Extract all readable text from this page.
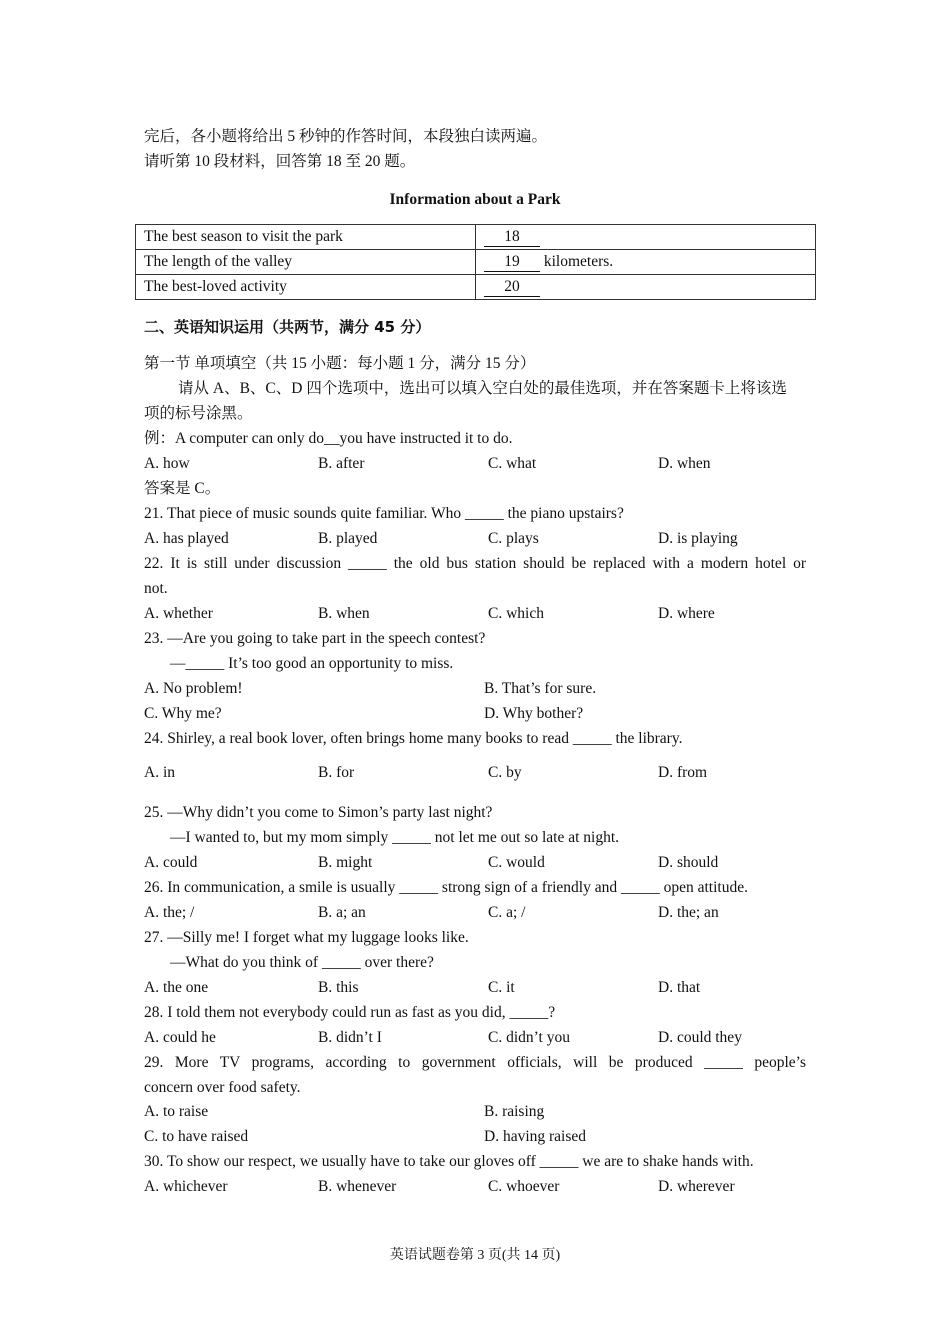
完后，各小题将给出 5 秒钟的作答时间，本段独白读两遍。
请听第 10 段材料，回答第 18 至 20 题。
Information about a Park
The best season to visit the park	18
The length of the valley	19 kilometers.
The best-loved activity	20
二、英语知识运用（共两节，满分 45 分）
第一节 单项填空（共 15 小题：每小题 1 分，满分 15 分）
请从 A、B、C、D 四个选项中，选出可以填入空白处的最佳选项，并在答案题卡上将该选
项的标号涂黑。
例：A computer can only do__you have instructed it to do.
A. how	B. after	C. what	D. when
答案是 C。
21. That piece of music sounds quite familiar. Who _____ the piano upstairs?
A. has played	B. played	C. plays	D. is playing
22. It is still under discussion _____ the old bus station should be replaced with a modern hotel or
not.
A. whether	B. when	C. which	D. where
23. —Are you going to take part in the speech contest?
—_____ It’s too good an opportunity to miss.
A. No problem!	B. That’s for sure.
C. Why me?	D. Why bother?
24. Shirley, a real book lover, often brings home many books to read _____ the library.
A. in	B. for	C. by	D. from
25. —Why didn’t you come to Simon’s party last night?
—I wanted to, but my mom simply _____ not let me out so late at night.
A. could	B. might	C. would	D. should
26. In communication, a smile is usually _____ strong sign of a friendly and _____ open attitude.
A. the; /	B. a; an	C. a; /	D. the; an
27. —Silly me! I forget what my luggage looks like.
—What do you think of _____ over there?
A. the one	B. this	C. it	D. that
28. I told them not everybody could run as fast as you did, _____?
A. could he	B. didn’t I	C. didn’t you	D. could they
29. More TV programs, according to government officials, will be produced _____ people’s
concern over food safety.
A. to raise	B. raising
C. to have raised	D. having raised
30. To show our respect, we usually have to take our gloves off _____ we are to shake hands with.
A. whichever	B. whenever	C. whoever	D. wherever
英语试题卷第 3 页(共 14 页)
